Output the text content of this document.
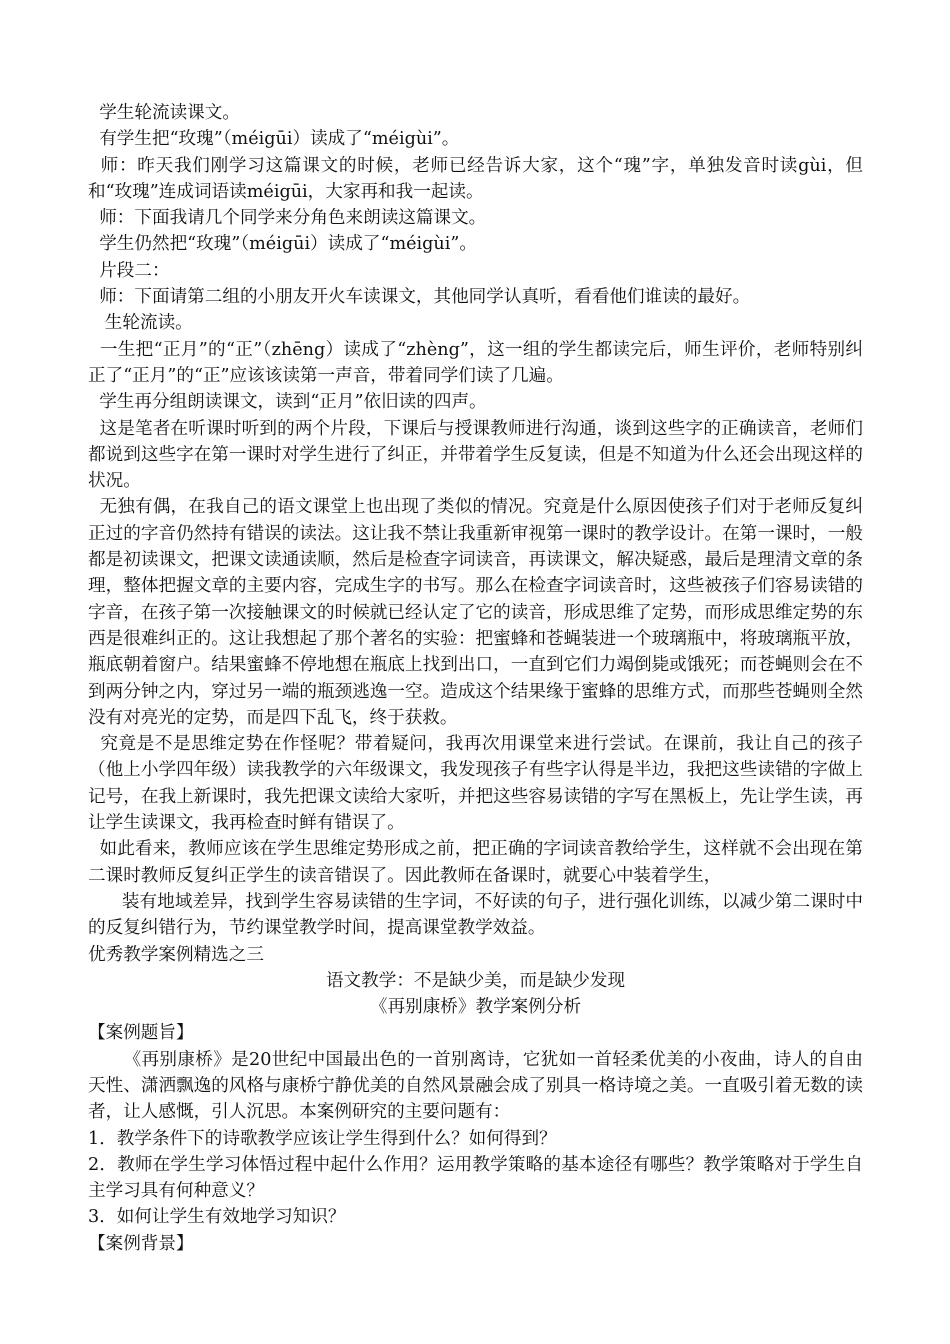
学生轮流读课文。

有学生把“玫瑰”（méigūi）读成了“méigùi”。

师：昨天我们刚学习这篇课文的时候，老师已经告诉大家，这个“瑰”字，单独发音时读gùi，但和“玫瑰”连成词语读méigūi，大家再和我一起读。

师：下面我请几个同学来分角色来朗读这篇课文。

学生仍然把“玫瑰”（méigūi）读成了“méigùi”。

片段二：

师：下面请第二组的小朋友开火车读课文，其他同学认真听，看看他们谁读的最好。

生轮流读。

一生把“正月”的“正”（zhēng）读成了“zhèng”，这一组的学生都读完后，师生评价，老师特别纠正了“正月”的“正”应该该读第一声音，带着同学们读了几遍。

学生再分组朗读课文，读到“正月”依旧读的四声。

这是笔者在听课时听到的两个片段，下课后与授课教师进行沟通，谈到这些字的正确读音，老师们都说到这些字在第一课时对学生进行了纠正，并带着学生反复读，但是不知道为什么还会出现这样的状况。

无独有偶，在我自己的语文课堂上也出现了类似的情况。究竟是什么原因使孩子们对于老师反复纠正过的字音仍然持有错误的读法。这让我不禁让我重新审视第一课时的教学设计。在第一课时，一般都是初读课文，把课文读通读顺，然后是检查字词读音，再读课文，解决疑惑，最后是理清文章的条理，整体把握文章的主要内容，完成生字的书写。那么在检查字词读音时，这些被孩子们容易读错的字音，在孩子第一次接触课文的时候就已经认定了它的读音，形成思维了定势，而形成思维定势的东西是很难纠正的。这让我想起了那个著名的实验：把蜜蜂和苍蝇装进一个玻璃瓶中，将玻璃瓶平放，瓶底朝着窗户。结果蜜蜂不停地想在瓶底上找到出口，一直到它们力竭倒毙或饿死；而苍蝇则会在不到两分钟之内，穿过另一端的瓶颈逃逸一空。造成这个结果缘于蜜蜂的思维方式，而那些苍蝇则全然没有对亮光的定势，而是四下乱飞，终于获救。

究竟是不是思维定势在作怪呢？带着疑问，我再次用课堂来进行尝试。在课前，我让自己的孩子（他上小学四年级）读我教学的六年级课文，我发现孩子有些字认得是半边，我把这些读错的字做上记号，在我上新课时，我先把课文读给大家听，并把这些容易读错的字写在黑板上，先让学生读，再让学生读课文，我再检查时鲜有错误了。

如此看来，教师应该在学生思维定势形成之前，把正确的字词读音教给学生，这样就不会出现在第二课时教师反复纠正学生的读音错误了。因此教师在备课时，就要心中装着学生，

装有地域差异，找到学生容易读错的生字词，不好读的句子，进行强化训练，以减少第二课时中的反复纠错行为，节约课堂教学时间，提高课堂教学效益。

优秀教学案例精选之三

语文教学：不是缺少美，而是缺少发现

《再别康桥》教学案例分析

【案例题旨】

《再别康桥》是20世纪中国最出色的一首别离诗，它犹如一首轻柔优美的小夜曲，诗人的自由天性、潇洒飘逸的风格与康桥宁静优美的自然风景融会成了别具一格诗境之美。一直吸引着无数的读者，让人感慨，引人沉思。本案例研究的主要问题有：

1．教学条件下的诗歌教学应该让学生得到什么？如何得到？

2．教师在学生学习体悟过程中起什么作用？运用教学策略的基本途径有哪些？教学策略对于学生自主学习具有何种意义？

3．如何让学生有效地学习知识？

【案例背景】
